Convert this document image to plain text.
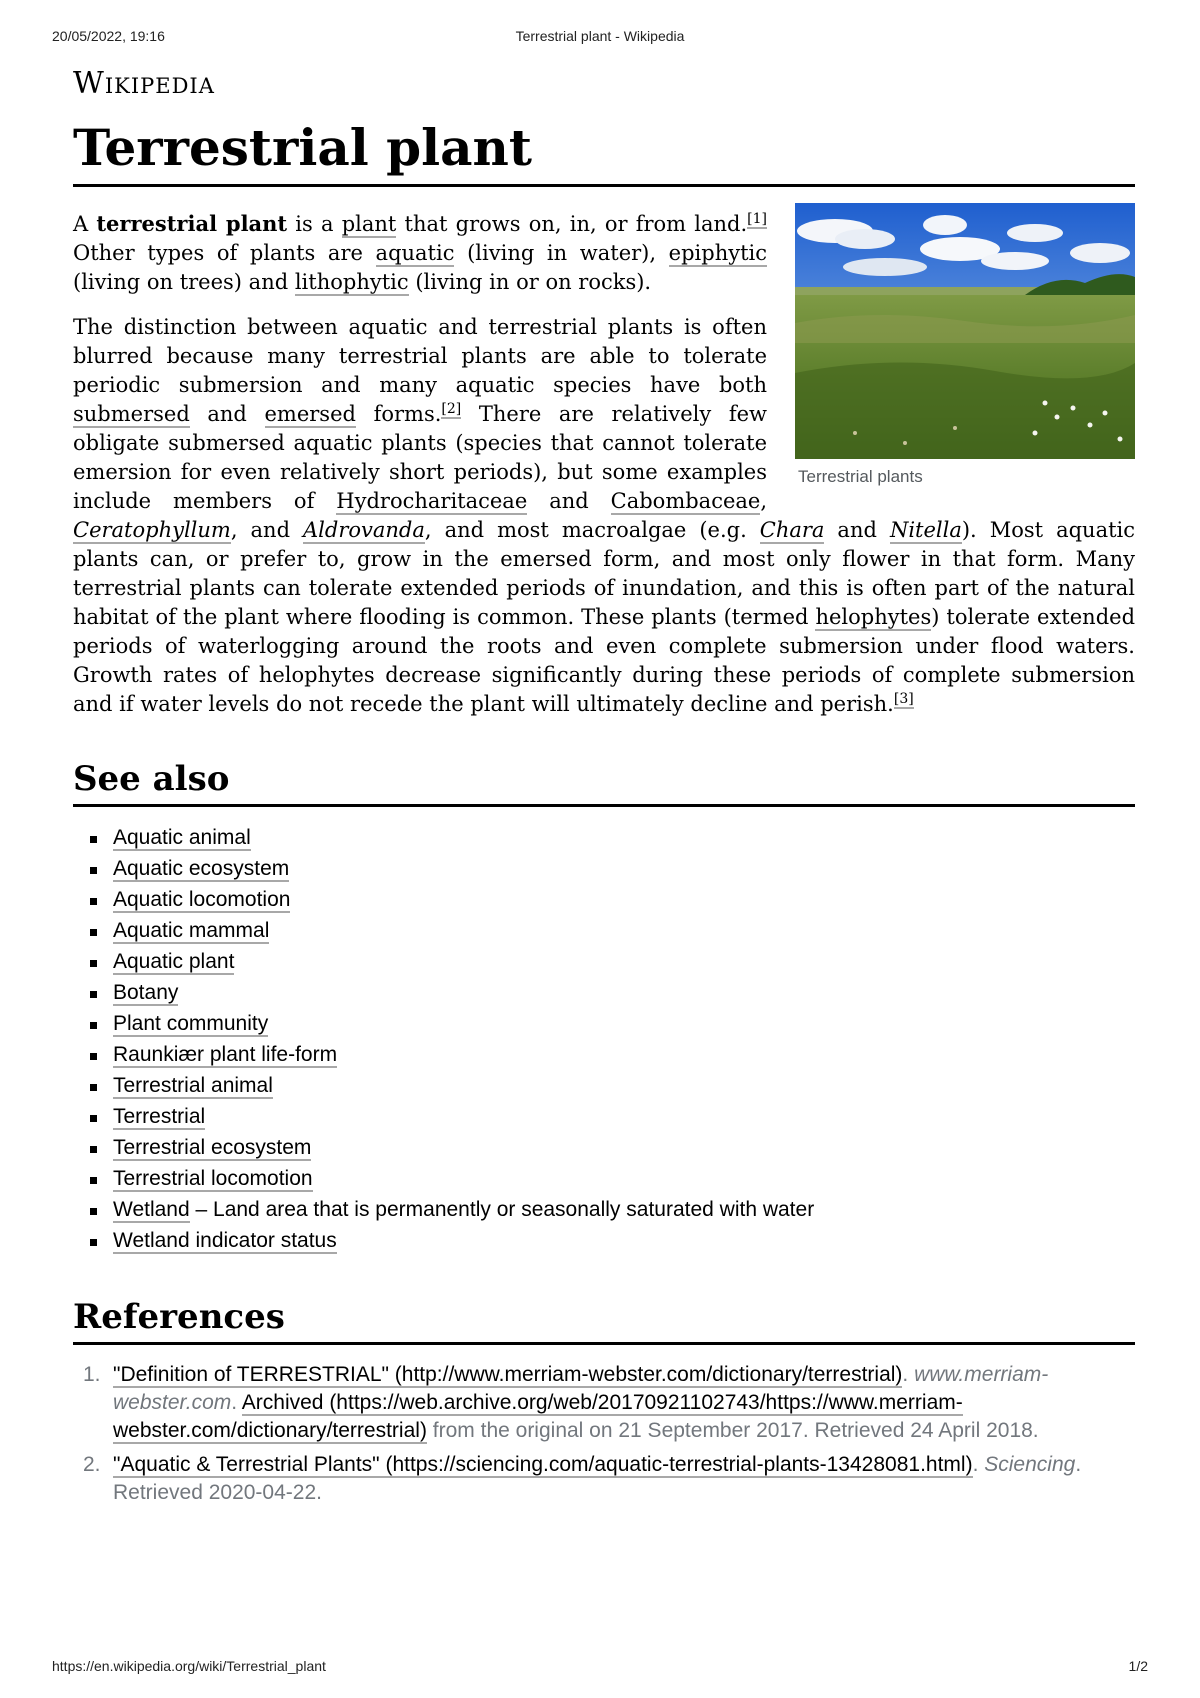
20/05/2022, 19:16	Terrestrial plant - Wikipedia
Wikipedia
Terrestrial plant
Terrestrial plants

A terrestrial plant is a plant that grows on, in, or from land.[1] Other types of plants are aquatic (living in water), epiphytic (living on trees) and lithophytic (living in or on rocks).

The distinction between aquatic and terrestrial plants is often blurred because many terrestrial plants are able to tolerate periodic submersion and many aquatic species have both submersed and emersed forms.[2] There are relatively few obligate submersed aquatic plants (species that cannot tolerate emersion for even relatively short periods), but some examples include members of Hydrocharitaceae and Cabombaceae, Ceratophyllum, and Aldrovanda, and most macroalgae (e.g. Chara and Nitella). Most aquatic plants can, or prefer to, grow in the emersed form, and most only flower in that form. Many terrestrial plants can tolerate extended periods of inundation, and this is often part of the natural habitat of the plant where flooding is common. These plants (termed helophytes) tolerate extended periods of waterlogging around the roots and even complete submersion under flood waters. Growth rates of helophytes decrease significantly during these periods of complete submersion and if water levels do not recede the plant will ultimately decline and perish.[3]

See also
Aquatic animal
Aquatic ecosystem
Aquatic locomotion
Aquatic mammal
Aquatic plant
Botany
Plant community
Raunkiær plant life-form
Terrestrial animal
Terrestrial
Terrestrial ecosystem
Terrestrial locomotion
Wetland – Land area that is permanently or seasonally saturated with water
Wetland indicator status
References
1. "Definition of TERRESTRIAL" (http://www.merriam-webster.com/dictionary/terrestrial). www.merriam-webster.com. Archived (https://web.archive.org/web/20170921102743/https://www.merriam-webster.com/dictionary/terrestrial) from the original on 21 September 2017. Retrieved 24 April 2018.
2. "Aquatic & Terrestrial Plants" (https://sciencing.com/aquatic-terrestrial-plants-13428081.html). Sciencing. Retrieved 2020-04-22.
https://en.wikipedia.org/wiki/Terrestrial_plant	1/2
